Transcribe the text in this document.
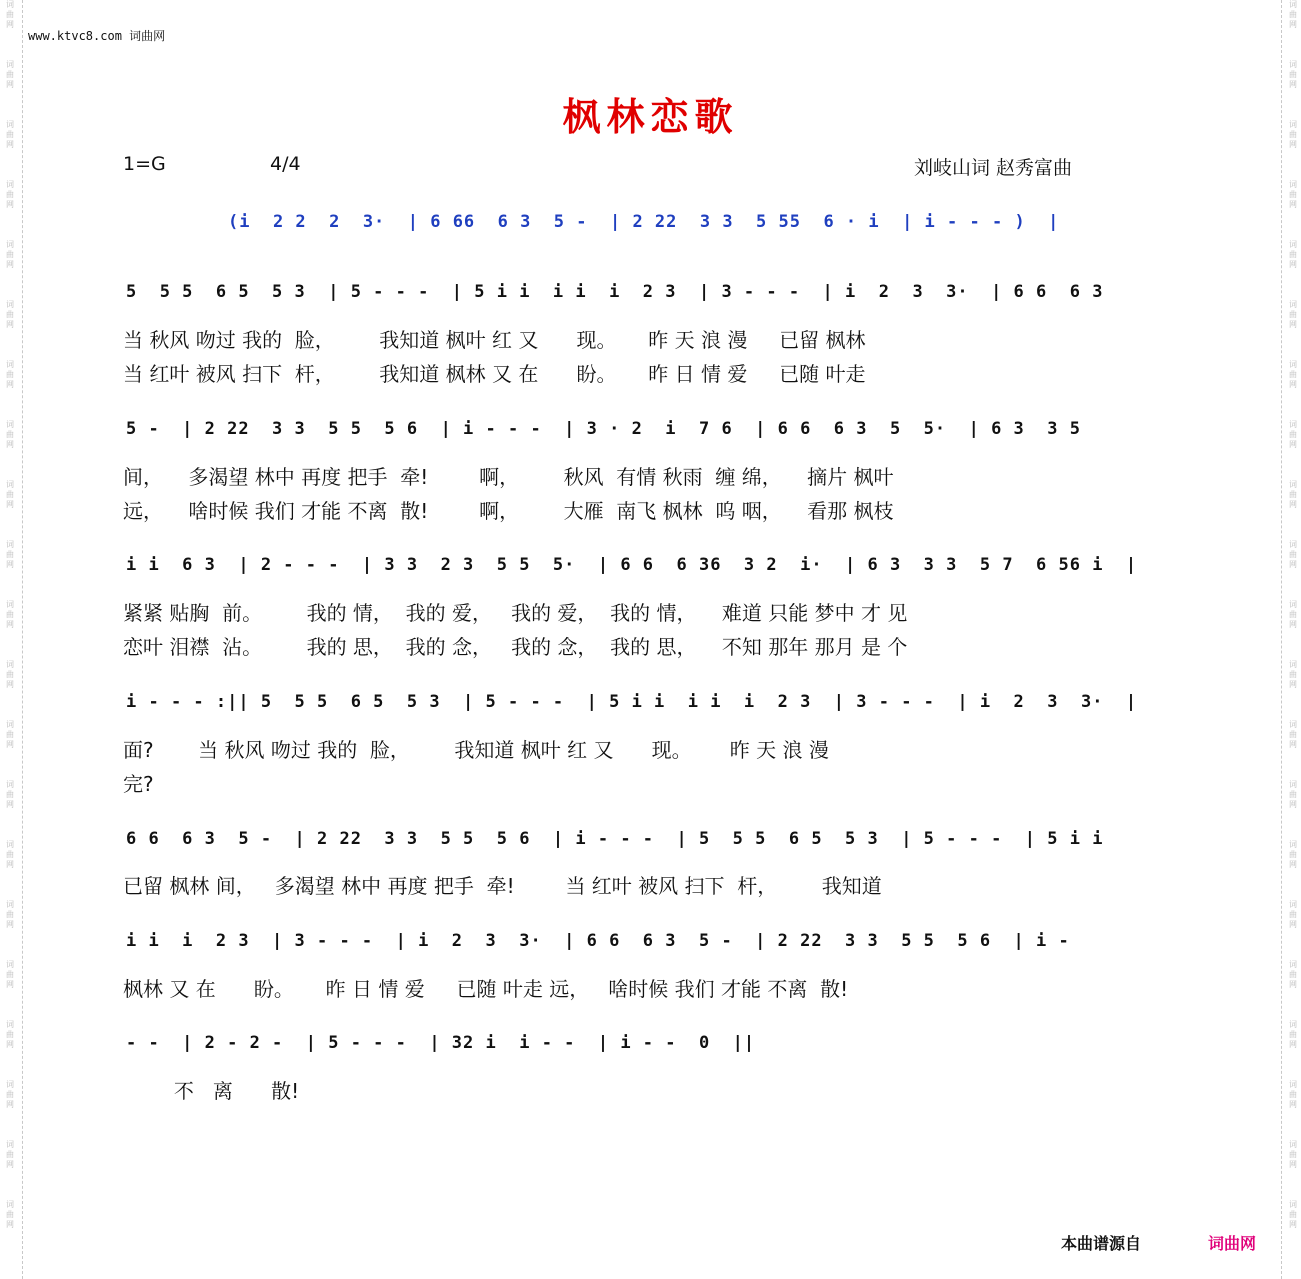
词
曲
网
词
曲
网
词
曲
网
词
曲
网
词
曲
网
词
曲
网
词
曲
网
词
曲
网
词
曲
网
词
曲
网
词
曲
网
词
曲
网
词
曲
网
词
曲
网
词
曲
网
词
曲
网
词
曲
网
词
曲
网
词
曲
网
词
曲
网
词
曲
网
词
曲
网
词
曲
网
词
曲
网
词
曲
网
词
曲
网
词
曲
网
词
曲
网
词
曲
网
词
曲
网
词
曲
网
词
曲
网
词
曲
网
词
曲
网
词
曲
网
词
曲
网
词
曲
网
词
曲
网
词
曲
网
词
曲
网
词
曲
网
词
曲
网
www.ktvc8.com 词曲网
枫林恋歌
1=G	4/4	刘岐山词 赵秀富曲
(i  2 2  2  3·  | 6 66  6 3  5 -  | 2 22  3 3  5 55  6 · i  | i - - - )  |
5  5 5  6 5  5 3  | 5 - - -  | 5 i i  i i  i  2 3  | 3 - - -  | i  2  3  3·  | 6 6  6 3
当 秋风 吻过 我的  脸，       我知道 枫叶 红 又      现。     昨 天 浪 漫     已留 枫林
当 红叶 被风 扫下  杆，       我知道 枫林 又 在      盼。     昨 日 情 爱     已随 叶走
5 -  | 2 22  3 3  5 5  5 6  | i - - -  | 3 · 2  i  7 6  | 6 6  6 3  5  5·  | 6 3  3 5
间，    多渴望 林中 再度 把手  牵!        啊，       秋风  有情 秋雨  缠 绵，    摘片 枫叶
远，    啥时候 我们 才能 不离  散!        啊，       大雁  南飞 枫林  呜 咽，    看那 枫枝
i i  6 3  | 2 - - -  | 3 3  2 3  5 5  5·  | 6 6  6 36  3 2  i·  | 6 3  3 3  5 7  6 56 i  |
紧紧 贴胸  前。       我的 情，  我的 爱，   我的 爱，  我的 情，    难道 只能 梦中 才 见
恋叶 泪襟  沾。       我的 思，  我的 念，   我的 念，  我的 思，    不知 那年 那月 是 个
i - - - :|| 5  5 5  6 5  5 3  | 5 - - -  | 5 i i  i i  i  2 3  | 3 - - -  | i  2  3  3·  |
面?       当 秋风 吻过 我的  脸，       我知道 枫叶 红 又      现。      昨 天 浪 漫
完?
6 6  6 3  5 -  | 2 22  3 3  5 5  5 6  | i - - -  | 5  5 5  6 5  5 3  | 5 - - -  | 5 i i
已留 枫林 间，   多渴望 林中 再度 把手  牵!        当 红叶 被风 扫下  杆，       我知道
i i  i  2 3  | 3 - - -  | i  2  3  3·  | 6 6  6 3  5 -  | 2 22  3 3  5 5  5 6  | i -
枫林 又 在      盼。     昨 日 情 爱     已随 叶走 远，   啥时候 我们 才能 不离  散!
- -  | 2 - 2 -  | 5 - - -  | 32 i  i - -  | i - -  0  ||
不   离      散!
本曲谱源自	词曲网
